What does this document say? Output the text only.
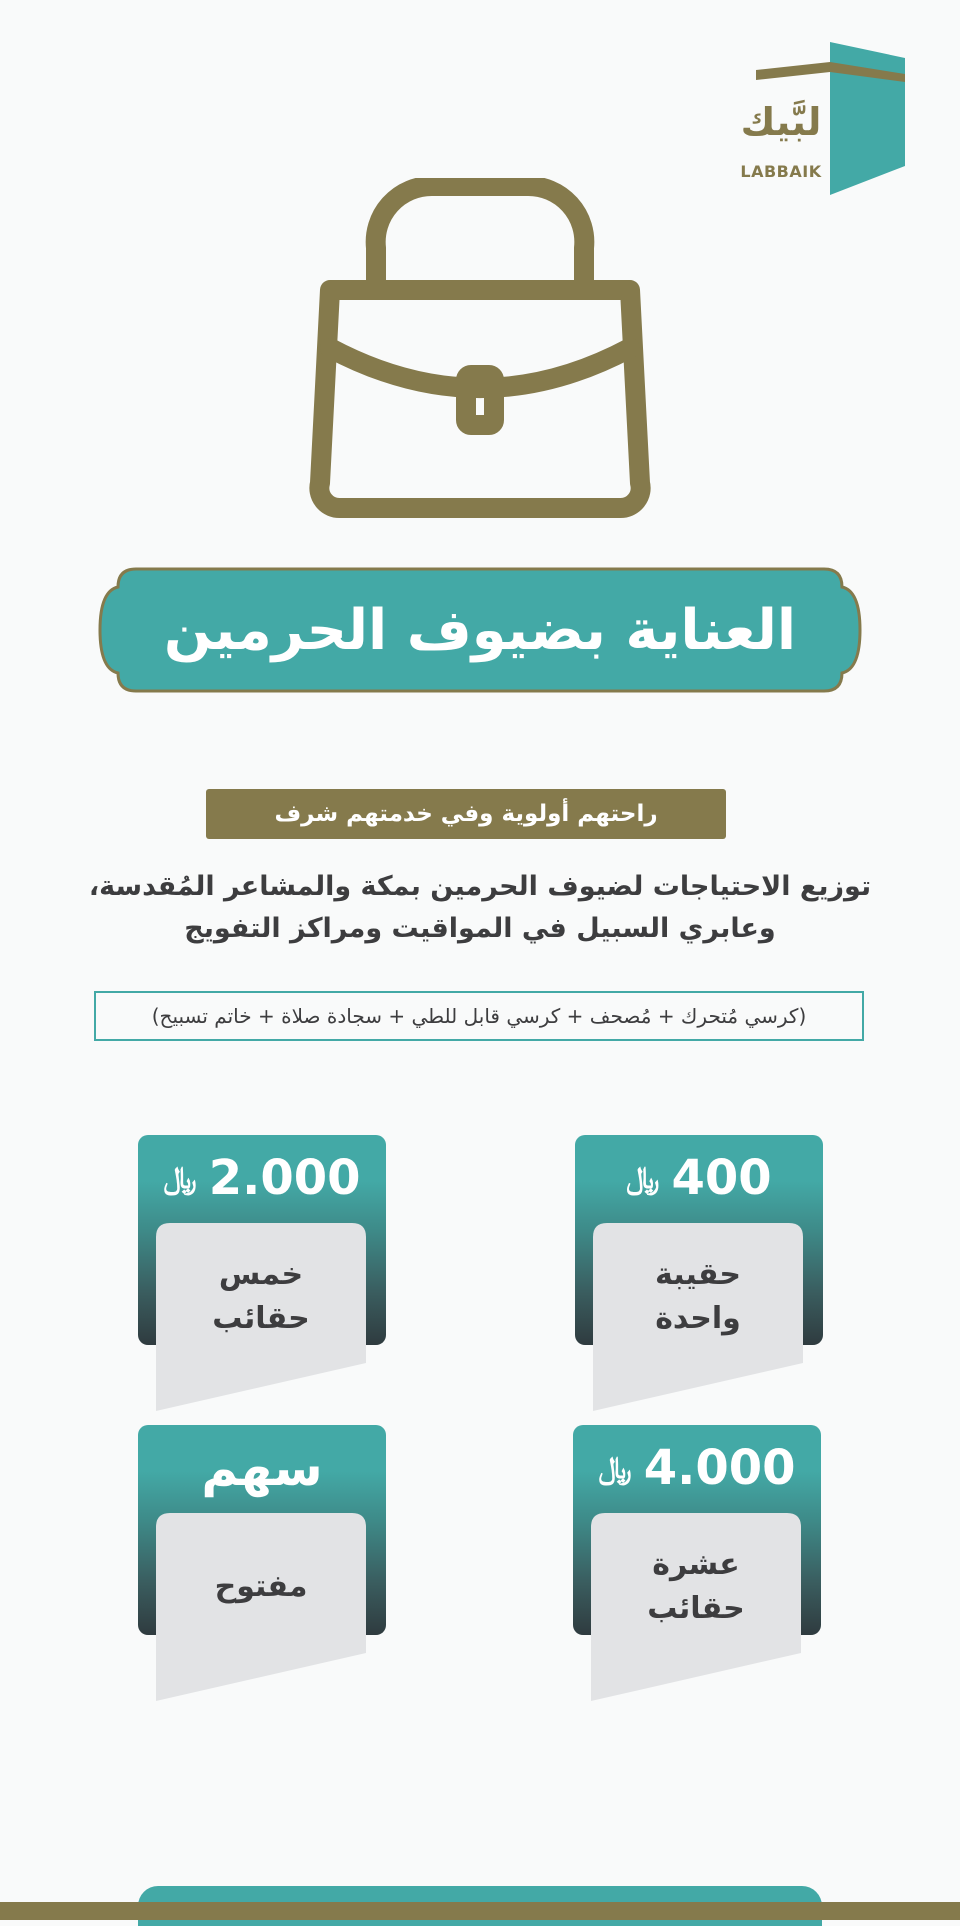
لبَّيك
LABBAIK
العناية بضيوف الحرمين
راحتهم أولوية وفي خدمتهم شرف
توزيع الاحتياجات لضيوف الحرمين بمكة والمشاعر المُقدسة،
وعابري السبيل في المواقيت ومراكز التفويج
(كرسي مُتحرك + مُصحف + كرسي قابل للطي + سجادة صلاة + خاتم تسبيح)
﷼ 400
حقيبة
واحدة
﷼ 2.000
خمس
حقائب
﷼ 4.000
عشرة
حقائب
سهم
مفتوح
